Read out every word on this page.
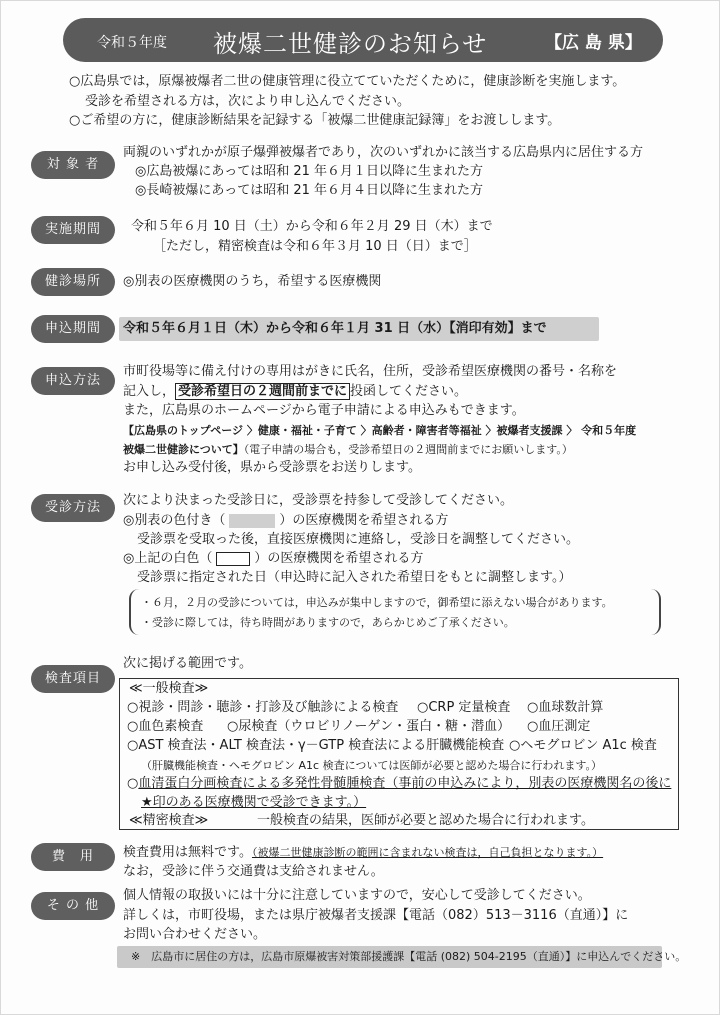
令和５年度 被爆二世健診のお知らせ	【広 島 県】
○広島県では，原爆被爆者二世の健康管理に役立てていただくために，健康診断を実施します。
受診を希望される方は，次により申し込んでください。
○ご希望の方に，健康診断結果を記録する「被爆二世健康記録簿」をお渡しします。
対 象 者
両親のいずれかが原子爆弾被爆者であり，次のいずれかに該当する広島県内に居住する方
◎広島被爆にあっては昭和 21 年６月１日以降に生まれた方
◎長崎被爆にあっては昭和 21 年６月４日以降に生まれた方
実施期間	令和５年６月 10 日（土）から令和６年２月 29 日（木）まで
［ただし，精密検査は令和６年３月 10 日（日）まで］
健診場所	◎別表の医療機関のうち，希望する医療機関
申込期間	令和５年６月１日（木）から令和６年１月 31 日（水）【消印有効】まで
申込方法
市町役場等に備え付けの専用はがきに氏名，住所，受診希望医療機関の番号・名称を
記入し， 受診希望日の２週間前までに 投函してください。
また，広島県のホームページから電子申請による申込みもできます。
【広島県のトップページ 〉健康・福祉・子育て 〉高齢者・障害者等福祉 〉被爆者支援課 〉 令和５年度
被爆二世健診について】（電子申請の場合も，受診希望日の２週間前までにお願いします。）
お申し込み受付後，県から受診票をお送りします。
受診方法	次により決まった受診日に，受診票を持参して受診してください。
◎別表の色付き（	）の医療機関を希望される方
受診票を受取った後，直接医療機関に連絡し，受診日を調整してください。
◎上記の白色（	）の医療機関を希望される方
受診票に指定された日（申込時に記入された希望日をもとに調整します。）
・６月，２月の受診については，申込みが集中しますので，御希望に添えない場合があります。
・受診に際しては，待ち時間がありますので，あらかじめご了承ください。
検査項目
次に掲げる範囲です。
≪一般検査≫
○視診・問診・聴診・打診及び触診による検査 ○CRP 定量検査 ○血球数計算
○血色素検査 ○尿検査（ウロビリノーゲン・蛋白・糖・潜血） ○血圧測定
○AST 検査法・ALT 検査法・γ－GTP 検査法による肝臓機能検査 ○ヘモグロビン A1c 検査
（肝臓機能検査・ヘモグロビン A1c 検査については医師が必要と認めた場合に行われます。）
○血清蛋白分画検査による多発性骨髄腫検査（事前の申込みにより，別表の医療機関名の後に
★印のある医療機関で受診できます。）
≪精密検査≫	一般検査の結果，医師が必要と認めた場合に行われます。
費　用	検査費用は無料です。（被爆二世健康診断の範囲に含まれない検査は，自己負担となります。）
なお，受診に伴う交通費は支給されません。
そ の 他
個人情報の取扱いには十分に注意していますので，安心して受診してください。
詳しくは，市町役場，または県庁被爆者支援課【電話（082）513－3116（直通）】に
お問い合わせください。
※　広島市に居住の方は，広島市原爆被害対策部援護課【電話 (082) 504-2195（直通）】に申込んでください。
